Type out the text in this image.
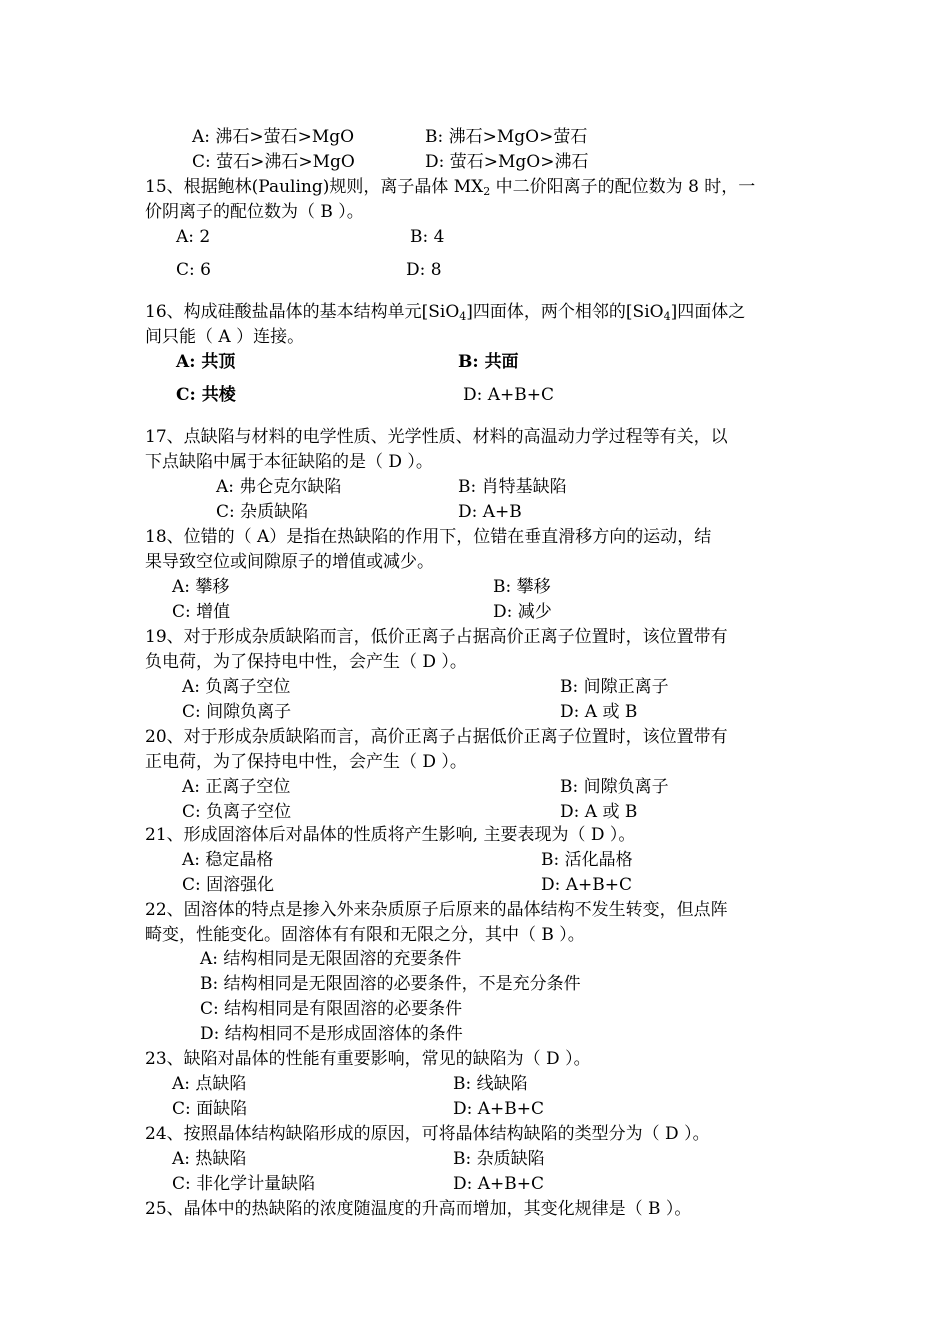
A: 沸石>萤石>MgO	B: 沸石>MgO>萤石
C: 萤石>沸石>MgO	D: 萤石>MgO>沸石
15、根据鲍林(Pauling)规则，离子晶体 $MX_2$ 中二价阳离子的配位数为 8 时，一
价阴离子的配位数为（ B ）。
A: 2	B: 4
C: 6	D: 8
16、构成硅酸盐晶体的基本结构单元[SiO$_4$]四面体，两个相邻的[SiO$_4$]四面体之
间只能（ A ）连接。
A: 共顶	B: 共面
C: 共棱	D: A+B+C
17、点缺陷与材料的电学性质、光学性质、材料的高温动力学过程等有关，以
下点缺陷中属于本征缺陷的是（ D ）。
A: 弗仑克尔缺陷	B: 肖特基缺陷
C: 杂质缺陷	D: A+B
18、位错的（ A）是指在热缺陷的作用下，位错在垂直滑移方向的运动，结
果导致空位或间隙原子的增值或减少。
A: 攀移	B: 攀移
C: 增值	D: 减少
19、对于形成杂质缺陷而言，低价正离子占据高价正离子位置时，该位置带有
负电荷，为了保持电中性，会产生（ D ）。
A: 负离子空位	B: 间隙正离子
C: 间隙负离子	D: A 或 B
20、对于形成杂质缺陷而言，高价正离子占据低价正离子位置时，该位置带有
正电荷，为了保持电中性，会产生（ D ）。
A: 正离子空位	B: 间隙负离子
C: 负离子空位	D: A 或 B
21、形成固溶体后对晶体的性质将产生影响, 主要表现为（ D ）。
A: 稳定晶格	B: 活化晶格
C: 固溶强化	D: A+B+C
22、固溶体的特点是掺入外来杂质原子后原来的晶体结构不发生转变，但点阵
畸变，性能变化。固溶体有有限和无限之分，其中（ B ）。
A: 结构相同是无限固溶的充要条件
B: 结构相同是无限固溶的必要条件，不是充分条件
C: 结构相同是有限固溶的必要条件
D: 结构相同不是形成固溶体的条件
23、缺陷对晶体的性能有重要影响，常见的缺陷为（ D ）。
A: 点缺陷	B: 线缺陷
C: 面缺陷	D: A+B+C
24、按照晶体结构缺陷形成的原因，可将晶体结构缺陷的类型分为（ D ）。
A: 热缺陷	B: 杂质缺陷
C: 非化学计量缺陷	D: A+B+C
25、晶体中的热缺陷的浓度随温度的升高而增加，其变化规律是（ B ）。
